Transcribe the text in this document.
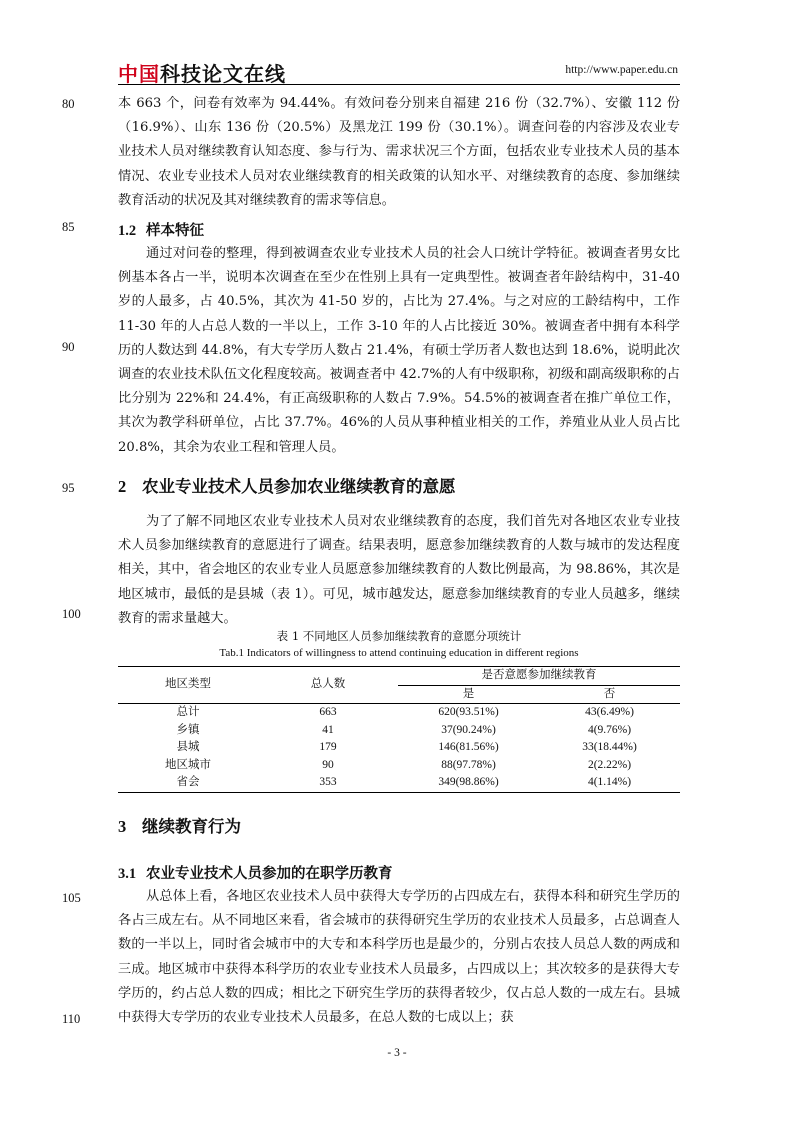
中国科技论文在线	http://www.paper.edu.cn
80
85
90
95
100
105
110

本 663 个，问卷有效率为 94.44%。有效问卷分别来自福建 216 份（32.7%）、安徽 112 份（16.9%）、山东 136 份（20.5%）及黑龙江 199 份（30.1%）。调查问卷的内容涉及农业专业技术人员对继续教育认知态度、参与行为、需求状况三个方面，包括农业专业技术人员的基本情况、农业专业技术人员对农业继续教育的相关政策的认知水平、对继续教育的态度、参加继续教育活动的状况及其对继续教育的需求等信息。

1.2 样本特征

通过对问卷的整理，得到被调查农业专业技术人员的社会人口统计学特征。被调查者男女比例基本各占一半，说明本次调查在至少在性别上具有一定典型性。被调查者年龄结构中，31-40 岁的人最多，占 40.5%，其次为 41-50 岁的，占比为 27.4%。与之对应的工龄结构中，工作 11-30 年的人占总人数的一半以上，工作 3-10 年的人占比接近 30%。被调查者中拥有本科学历的人数达到 44.8%，有大专学历人数占 21.4%，有硕士学历者人数也达到 18.6%，说明此次调查的农业技术队伍文化程度较高。被调查者中 42.7%的人有中级职称，初级和副高级职称的占比分别为 22%和 24.4%，有正高级职称的人数占 7.9%。54.5%的被调查者在推广单位工作，其次为教学科研单位，占比 37.7%。46%的人员从事种植业相关的工作，养殖业从业人员占比 20.8%，其余为农业工程和管理人员。

2 农业专业技术人员参加农业继续教育的意愿

为了了解不同地区农业专业技术人员对农业继续教育的态度，我们首先对各地区农业专业技术人员参加继续教育的意愿进行了调查。结果表明，愿意参加继续教育的人数与城市的发达程度相关，其中，省会地区的农业专业人员愿意参加继续教育的人数比例最高，为 98.86%，其次是地区城市，最低的是县城（表 1）。可见，城市越发达，愿意参加继续教育的专业人员越多，继续教育的需求量越大。

表 1 不同地区人员参加继续教育的意愿分项统计
Tab.1 Indicators of willingness to attend continuing education in different regions
地区类型	总人数	是否意愿参加继续教育	
		是	否
总计	663	620(93.51%)	43(6.49%)
乡镇	41	37(90.24%)	4(9.76%)
县城	179	146(81.56%)	33(18.44%)
地区城市	90	88(97.78%)	2(2.22%)
省会	353	349(98.86%)	4(1.14%)
3 继续教育行为
3.1 农业专业技术人员参加的在职学历教育

从总体上看，各地区农业技术人员中获得大专学历的占四成左右，获得本科和研究生学历的各占三成左右。从不同地区来看，省会城市的获得研究生学历的农业技术人员最多，占总调查人数的一半以上，同时省会城市中的大专和本科学历也是最少的，分别占农技人员总人数的两成和三成。地区城市中获得本科学历的农业专业技术人员最多，占四成以上；其次较多的是获得大专学历的，约占总人数的四成；相比之下研究生学历的获得者较少，仅占总人数的一成左右。县城中获得大专学历的农业专业技术人员最多，在总人数的七成以上；获

- 3 -
